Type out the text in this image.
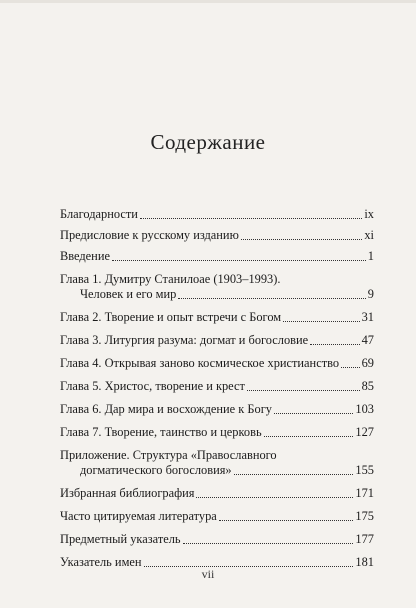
Содержание
Благодарности	ix
Предисловие к русскому изданию	xi
Введение	1
Глава 1. Думитру Станилоае (1903–1993).
Человек и его мир	9
Глава 2. Творение и опыт встречи с Богом	31
Глава 3. Литургия разума: догмат и богословие	47
Глава 4. Открывая заново космическое христианство 69
Глава 5. Христос, творение и крест	85
Глава 6. Дар мира и восхождение к Богу	103
Глава 7. Творение, таинство и церковь	127
Приложение. Структура «Православного
догматического богословия»	155
Избранная библиография	171
Часто цитируемая литература	175
Предметный указатель	177
Указатель имен	181
vii
